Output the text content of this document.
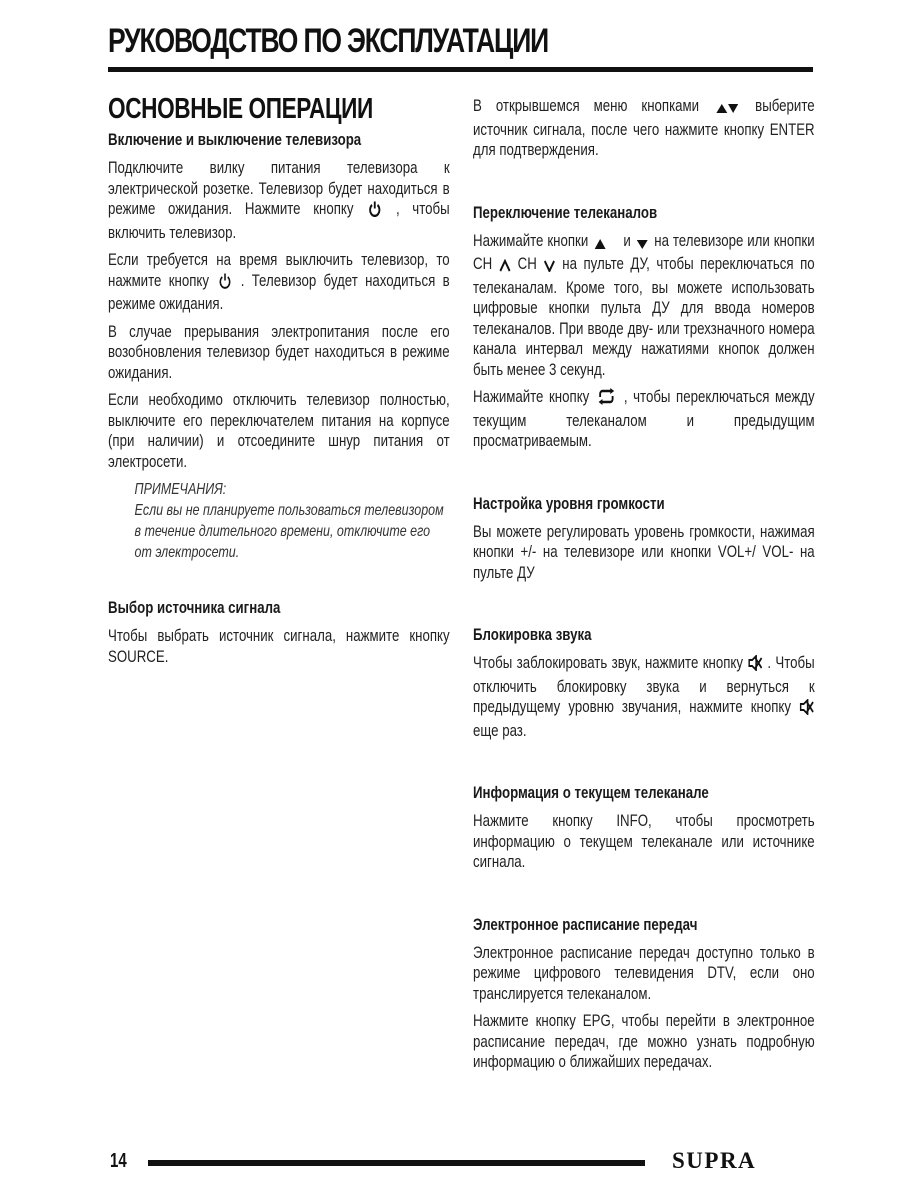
РУКОВОДСТВО ПО ЭКСПЛУАТАЦИИ
ОСНОВНЫЕ ОПЕРАЦИИ
Включение и выключение телевизора

Подключите вилку питания телевизора к электрической розетке. Телевизор будет находиться в режиме ожидания. Нажмите кнопку , чтобы включить телевизор.

Если требуется на время выключить телевизор, то нажмите кнопку . Телевизор будет находиться в режиме ожидания.

В случае прерывания электропитания после его возобновления телевизор будет находиться в режиме ожидания.

Если необходимо отключить телевизор полностью, выключите его переключателем питания на корпусе (при наличии) и отсоедините шнур питания от электросети.

ПРИМЕЧАНИЯ:
Если вы не планируете пользоваться телевизором в течение длительного времени, отключите его от электросети.
Выбор источника сигнала

Чтобы выбрать источник сигнала, нажмите кнопку SOURCE.

В открывшемся меню кнопками	выберите источник сигнала, после чего нажмите кнопку ENTER для подтверждения.

Переключение телеканалов

Нажимайте кнопки и на телевизоре или кнопки CH CH на пульте ДУ, чтобы переключаться по телеканалам. Кроме того, вы можете использовать цифровые кнопки пульта ДУ для ввода номеров телеканалов. При вводе дву- или трехзначного номера канала интервал между нажатиями кнопок должен быть менее 3 секунд.

Нажимайте кнопку , чтобы переключаться между текущим телеканалом и предыдущим просматриваемым.

Настройка уровня громкости

Вы можете регулировать уровень громкости, нажимая кнопки +/- на телевизоре или кнопки VOL+/ VOL- на пульте ДУ

Блокировка звука

Чтобы заблокировать звук, нажмите кнопку . Чтобы отключить блокировку звука и вернуться к предыдущему уровню звучания, нажмите кнопку  еще раз.

Информация о текущем телеканале

Нажмите кнопку INFO, чтобы просмотреть информацию о текущем телеканале или источнике сигнала.

Электронное расписание передач

Электронное расписание передач доступно только в режиме цифрового телевидения DTV, если оно транслируется телеканалом.

Нажмите кнопку EPG, чтобы перейти в электронное расписание передач, где можно узнать подробную информацию о ближайших передачах.

14	SUPRA
